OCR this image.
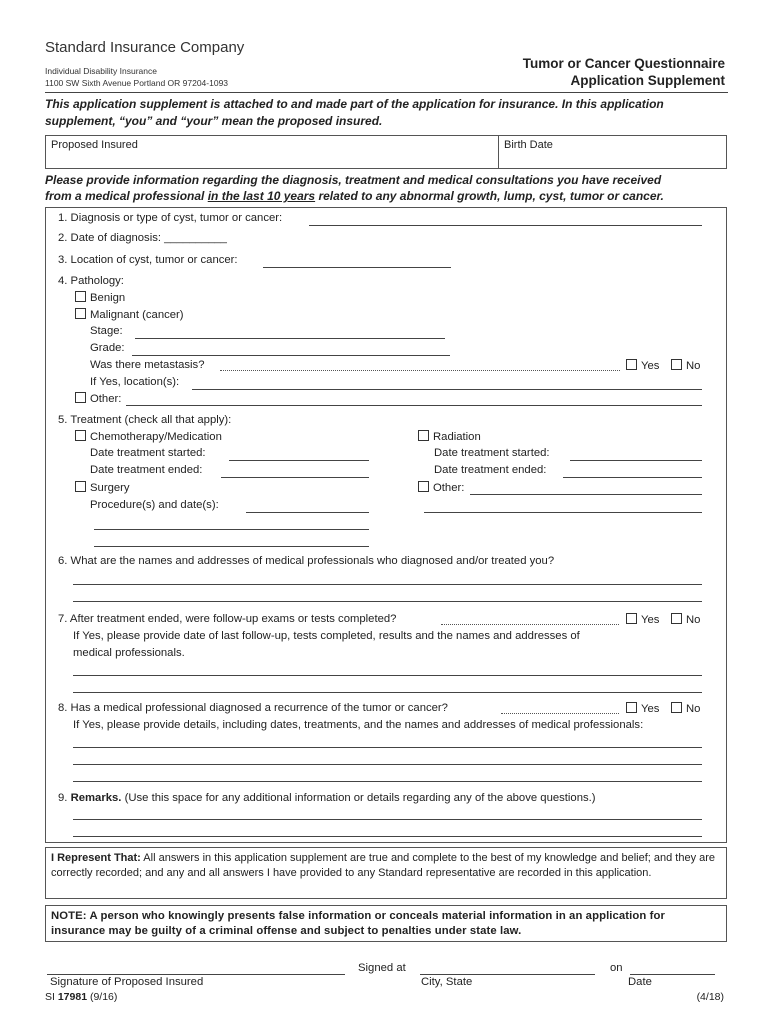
Standard Insurance Company
Individual Disability Insurance
1100 SW Sixth Avenue Portland OR 97204-1093
Tumor or Cancer Questionnaire
Application Supplement
This application supplement is attached to and made part of the application for insurance. In this application
supplement, “you” and “your” mean the proposed insured.
Proposed Insured	Birth Date
Please provide information regarding the diagnosis, treatment and medical consultations you have received
from a medical professional in the last 10 years related to any abnormal growth, lump, cyst, tumor or cancer.
1. Diagnosis or type of cyst, tumor or cancer:
2. Date of diagnosis: __________
3. Location of cyst, tumor or cancer:
4. Pathology:
Benign
Malignant (cancer)
Stage:
Grade:
Was there metastasis?	Yes	No
If Yes, location(s):
Other:
5. Treatment (check all that apply):
Chemotherapy/Medication	Radiation
Date treatment started:	Date treatment started:
Date treatment ended:	Date treatment ended:
Surgery	Other:
Procedure(s) and date(s):
6. What are the names and addresses of medical professionals who diagnosed and/or treated you?
7. After treatment ended, were follow-up exams or tests completed?	Yes	No
If Yes, please provide date of last follow-up, tests completed, results and the names and addresses of
medical professionals.
8. Has a medical professional diagnosed a recurrence of the tumor or cancer?	Yes	No
If Yes, please provide details, including dates, treatments, and the names and addresses of medical professionals:
9. Remarks. (Use this space for any additional information or details regarding any of the above questions.)
I Represent That: All answers in this application supplement are true and complete to the best of my knowledge and belief; and they are correctly recorded; and any and all answers I have provided to any Standard representative are recorded in this application.
NOTE: A person who knowingly presents false information or conceals material information in an application for insurance may be guilty of a criminal offense and subject to penalties under state law.
Signed at	on
Signature of Proposed Insured	City, State	Date
SI 17981 (9/16)	(4/18)
